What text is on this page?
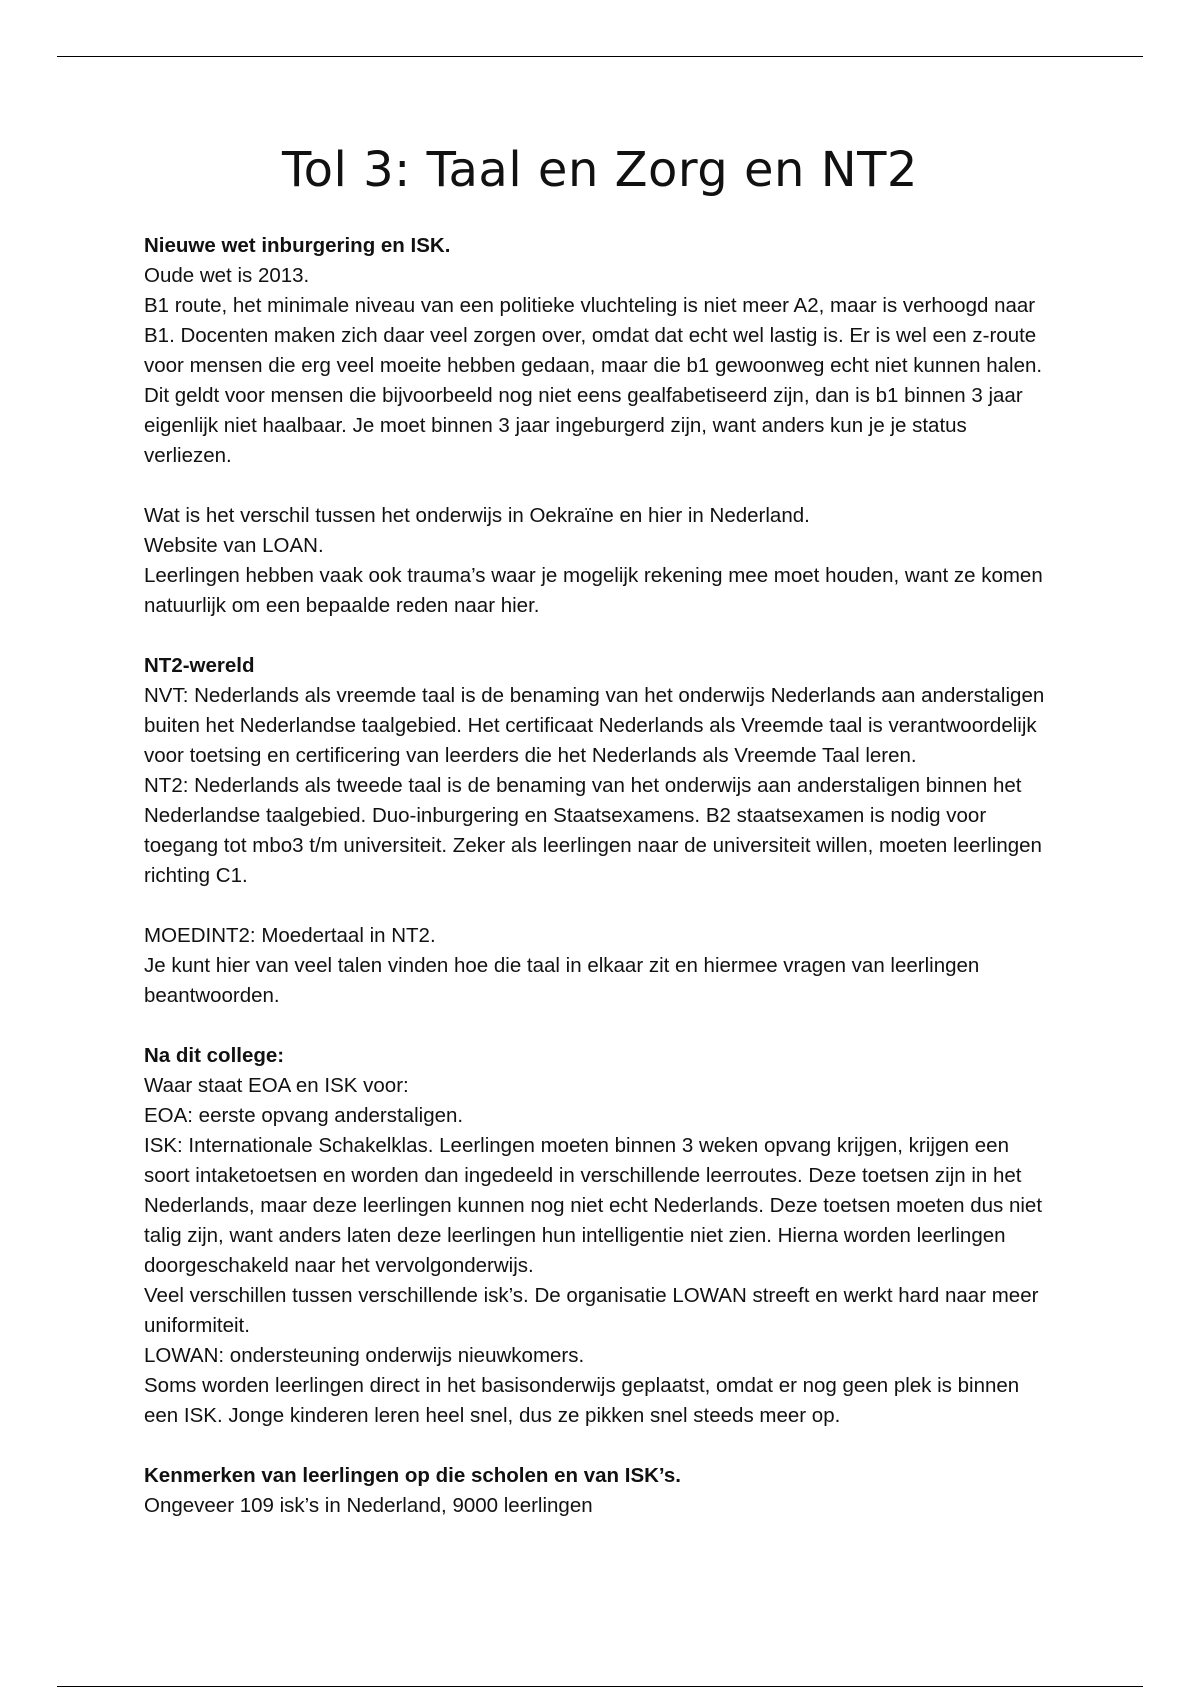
Tol 3: Taal en Zorg en NT2

Nieuwe wet inburgering en ISK.

Oude wet is 2013.

B1 route, het minimale niveau van een politieke vluchteling is niet meer A2, maar is verhoogd naar B1. Docenten maken zich daar veel zorgen over, omdat dat echt wel lastig is. Er is wel een z-route voor mensen die erg veel moeite hebben gedaan, maar die b1 gewoonweg echt niet kunnen halen. Dit geldt voor mensen die bijvoorbeeld nog niet eens gealfabetiseerd zijn, dan is b1 binnen 3 jaar eigenlijk niet haalbaar. Je moet binnen 3 jaar ingeburgerd zijn, want anders kun je je status verliezen.

Wat is het verschil tussen het onderwijs in Oekraïne en hier in Nederland.

Website van LOAN.

Leerlingen hebben vaak ook trauma’s waar je mogelijk rekening mee moet houden, want ze komen natuurlijk om een bepaalde reden naar hier.

NT2-wereld

NVT: Nederlands als vreemde taal is de benaming van het onderwijs Nederlands aan anderstaligen buiten het Nederlandse taalgebied. Het certificaat Nederlands als Vreemde taal is verantwoordelijk voor toetsing en certificering van leerders die het Nederlands als Vreemde Taal leren.

NT2: Nederlands als tweede taal is de benaming van het onderwijs aan anderstaligen binnen het Nederlandse taalgebied. Duo-inburgering en Staatsexamens. B2 staatsexamen is nodig voor toegang tot mbo3 t/m universiteit. Zeker als leerlingen naar de universiteit willen, moeten leerlingen richting C1.

MOEDINT2: Moedertaal in NT2.

Je kunt hier van veel talen vinden hoe die taal in elkaar zit en hiermee vragen van leerlingen beantwoorden.

Na dit college:

Waar staat EOA en ISK voor:

EOA: eerste opvang anderstaligen.

ISK: Internationale Schakelklas. Leerlingen moeten binnen 3 weken opvang krijgen, krijgen een soort intaketoetsen en worden dan ingedeeld in verschillende leerroutes. Deze toetsen zijn in het Nederlands, maar deze leerlingen kunnen nog niet echt Nederlands. Deze toetsen moeten dus niet talig zijn, want anders laten deze leerlingen hun intelligentie niet zien. Hierna worden leerlingen doorgeschakeld naar het vervolgonderwijs.

Veel verschillen tussen verschillende isk’s. De organisatie LOWAN streeft en werkt hard naar meer uniformiteit.

LOWAN: ondersteuning onderwijs nieuwkomers.

Soms worden leerlingen direct in het basisonderwijs geplaatst, omdat er nog geen plek is binnen een ISK. Jonge kinderen leren heel snel, dus ze pikken snel steeds meer op.

Kenmerken van leerlingen op die scholen en van ISK’s.

Ongeveer 109 isk’s in Nederland, 9000 leerlingen
